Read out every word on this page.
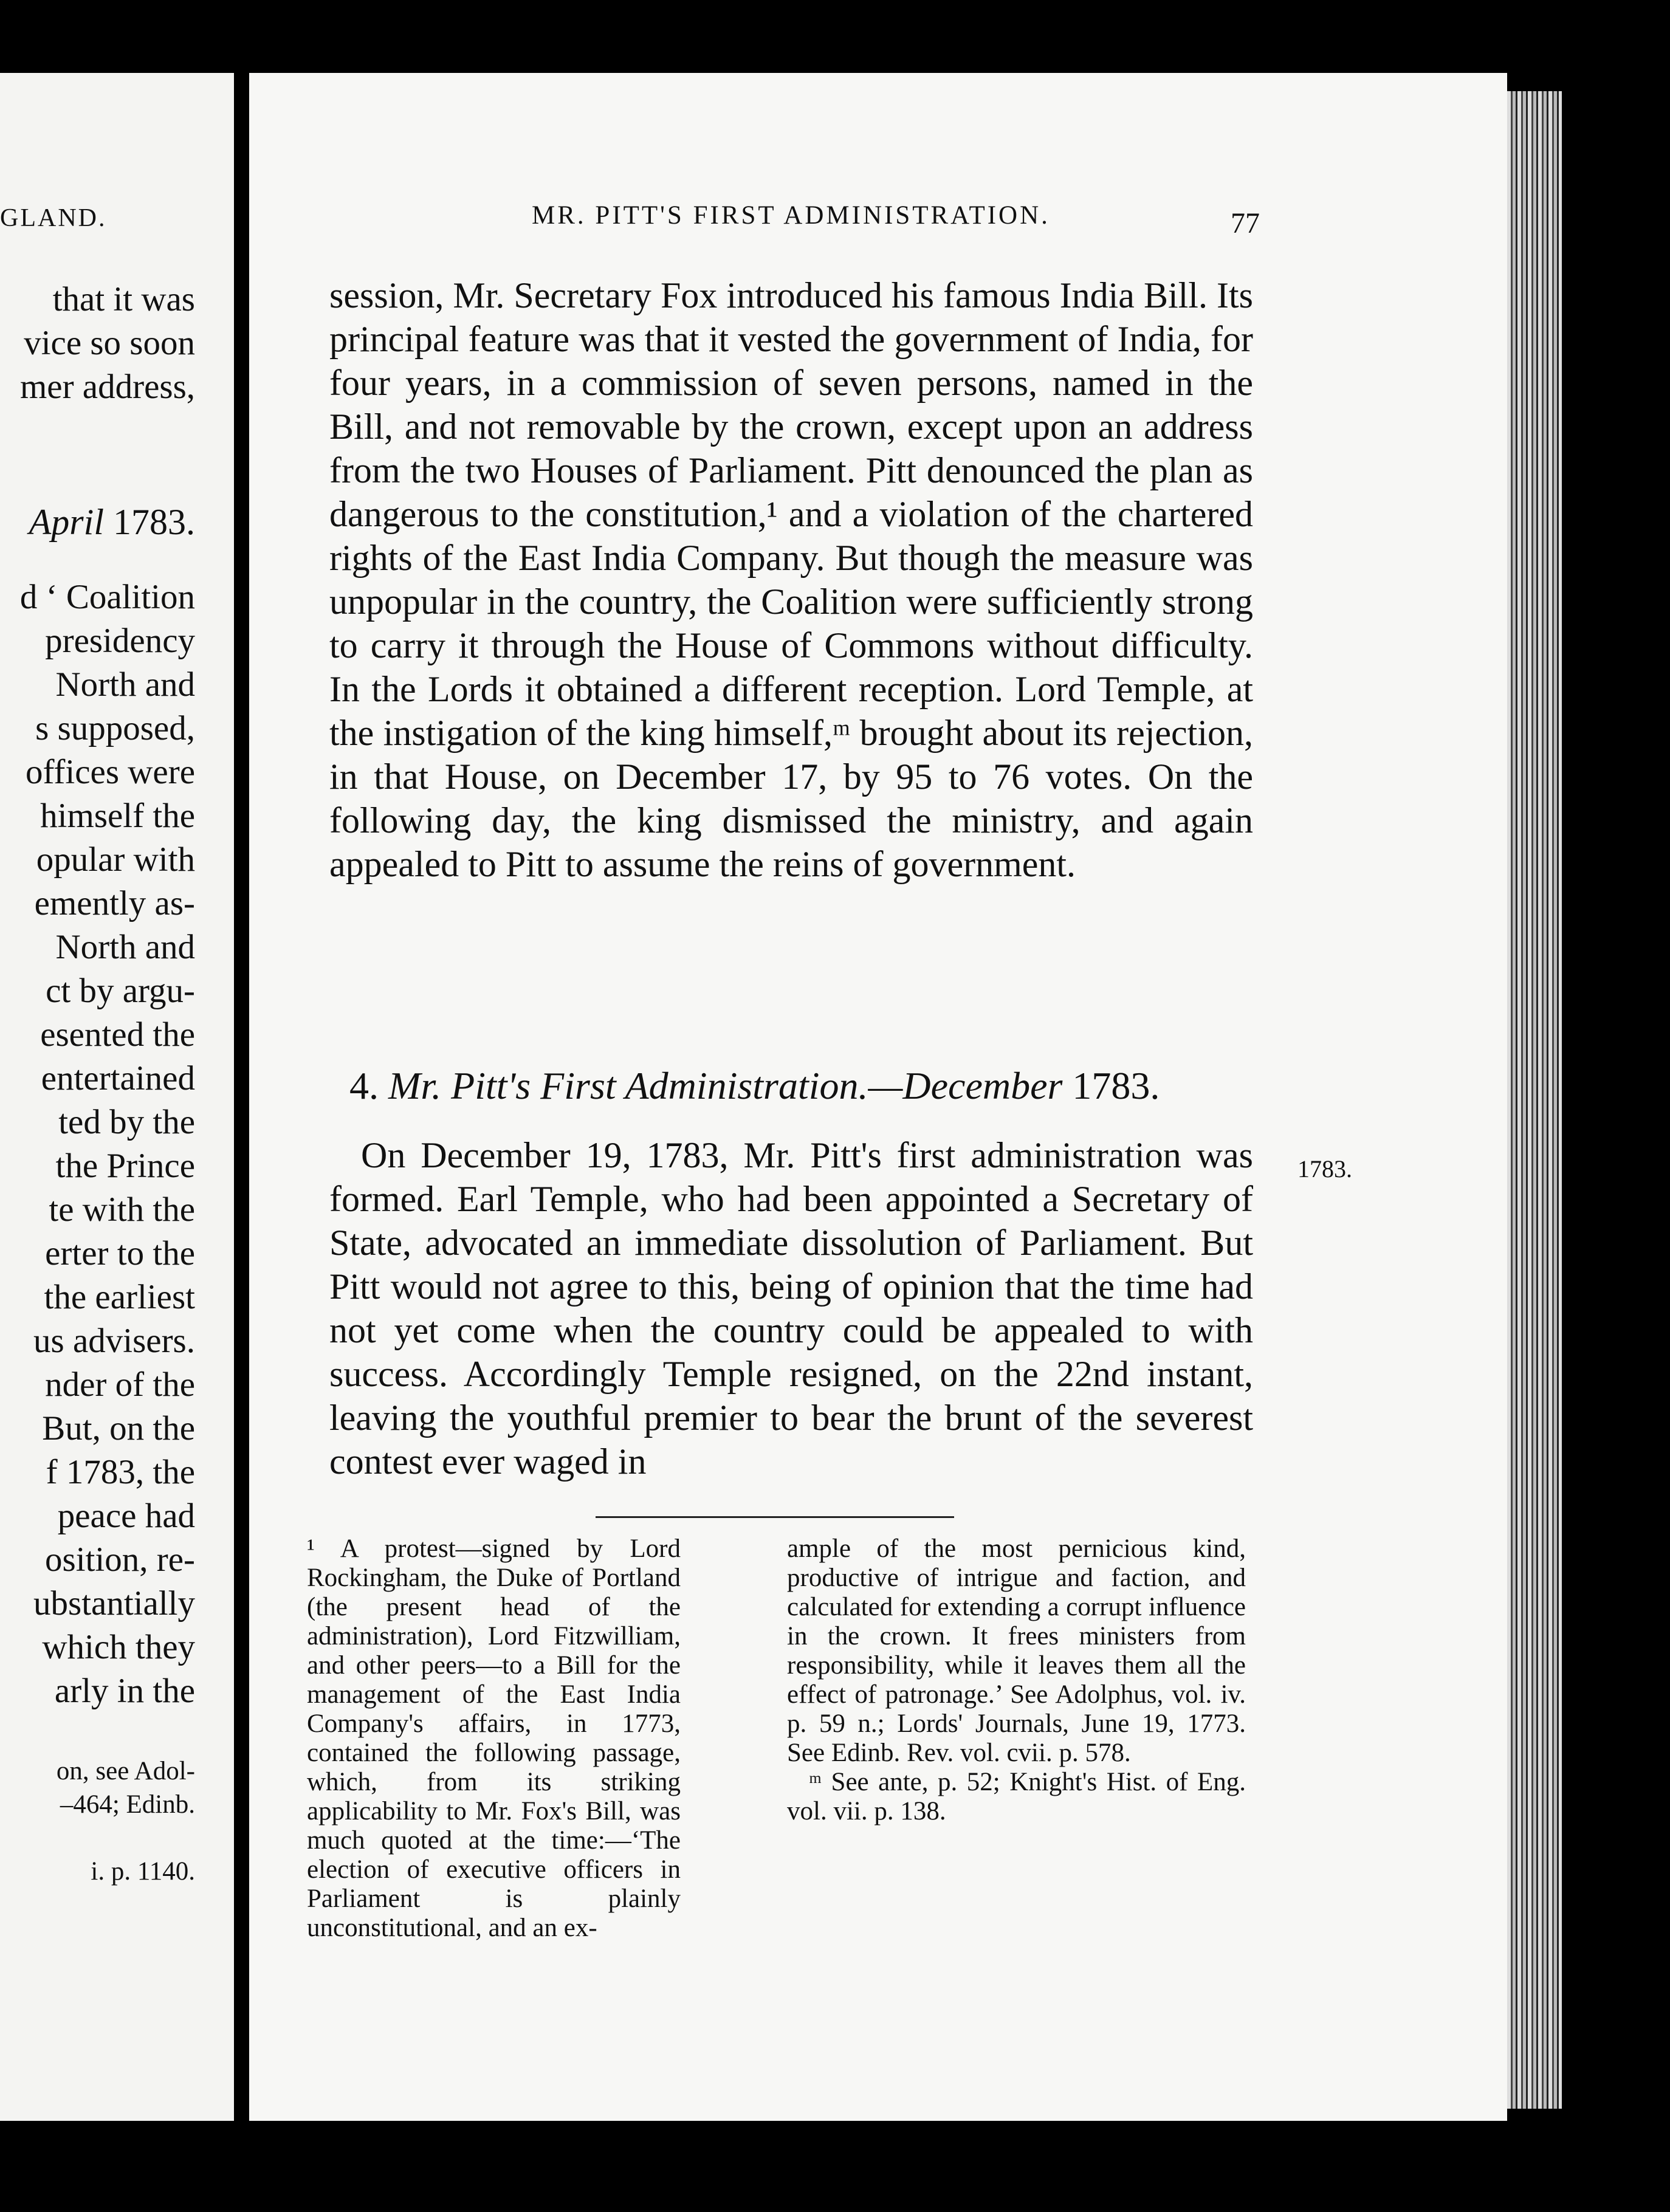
GLAND.
that it was
vice so soon
mer address,
April 1783.
d ‘ Coalition
presidency
North and
s supposed,
offices were
himself the
opular with
emently as-
North and
ct by argu-
esented the
entertained
ted by the
the Prince
te with the
erter to the
the earliest
us advisers.
nder of the
But, on the
f 1783, the
peace had
osition, re-
ubstantially
which they
arly in the
on, see Adol-
–464; Edinb.
i. p. 1140.
MR. PITT'S FIRST ADMINISTRATION.	77
session, Mr. Secretary Fox introduced his famous India Bill. Its principal feature was that it vested the government of India, for four years, in a commission of seven persons, named in the Bill, and not removable by the crown, except upon an address from the two Houses of Parliament. Pitt denounced the plan as dangerous to the constitution,¹ and a violation of the chartered rights of the East India Company. But though the measure was unpopular in the country, the Coalition were sufficiently strong to carry it through the House of Commons without difficulty. In the Lords it obtained a different reception. Lord Temple, at the instigation of the king himself,ᵐ brought about its rejection, in that House, on December 17, by 95 to 76 votes. On the following day, the king dismissed the ministry, and again appealed to Pitt to assume the reins of government.
4. Mr. Pitt's First Administration.—December 1783.
On December 19, 1783, Mr. Pitt's first administration was formed. Earl Temple, who had been appointed a Secretary of State, advocated an immediate dissolution of Parliament. But Pitt would not agree to this, being of opinion that the time had not yet come when the country could be appealed to with success. Accordingly Temple resigned, on the 22nd instant, leaving the youthful premier to bear the brunt of the severest contest ever waged in
1783.
¹ A protest—signed by Lord Rockingham, the Duke of Portland (the present head of the administration), Lord Fitzwilliam, and other peers—to a Bill for the management of the East India Company's affairs, in 1773, contained the following passage, which, from its striking applicability to Mr. Fox's Bill, was much quoted at the time:—‘The election of executive officers in Parliament is plainly unconstitutional, and an ex-

ample of the most pernicious kind, productive of intrigue and faction, and calculated for extending a corrupt influence in the crown. It frees ministers from responsibility, while it leaves them all the effect of patronage.’ See Adolphus, vol. iv. p. 59 n.; Lords' Journals, June 19, 1773. See Edinb. Rev. vol. cvii. p. 578.

ᵐ See ante, p. 52; Knight's Hist. of Eng. vol. vii. p. 138.
